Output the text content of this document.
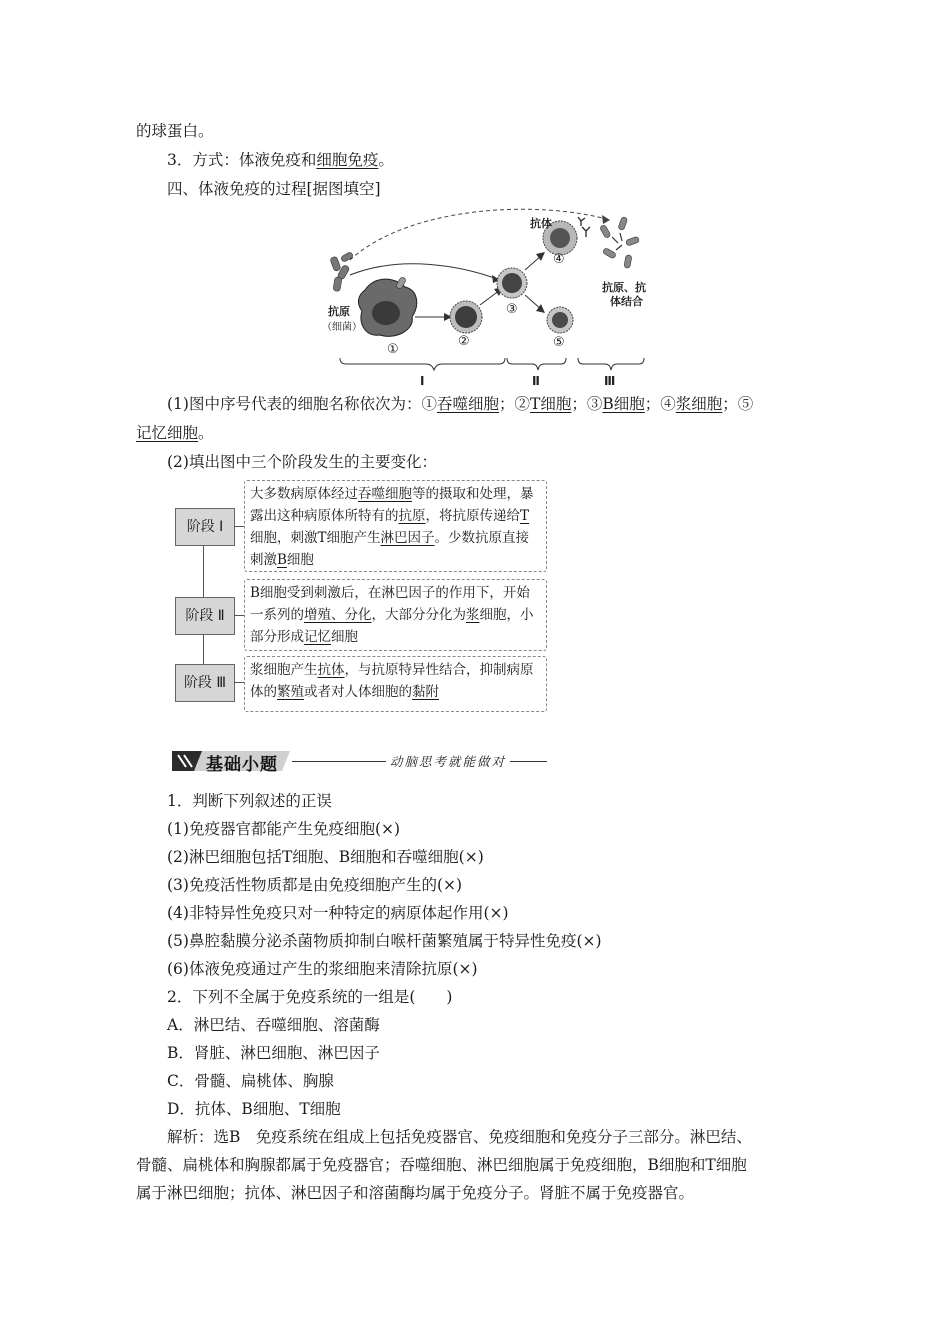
的球蛋白。
3．方式：体液免疫和细胞免疫。
四、体液免疫的过程[据图填空]
抗原
（细菌）
抗体
抗原、抗
体结合
①
②
③
④
⑤
Ⅰ	Ⅱ	Ⅲ
(1)图中序号代表的细胞名称依次为：①吞噬细胞；②T细胞；③B细胞；④浆细胞；⑤
记忆细胞。
(2)填出图中三个阶段发生的主要变化：
阶段 Ⅰ
阶段 Ⅱ
阶段 Ⅲ
大多数病原体经过吞噬细胞等的摄取和处理，暴露出这种病原体所特有的抗原，将抗原传递给T细胞，刺激T细胞产生淋巴因子。少数抗原直接刺激B细胞
B细胞受到刺激后，在淋巴因子的作用下，开始一系列的增殖、分化，大部分分化为浆细胞，小部分形成记忆细胞
浆细胞产生抗体，与抗原特异性结合，抑制病原体的繁殖或者对人体细胞的黏附
基础小题	动脑思考就能做对
1．判断下列叙述的正误
(1)免疫器官都能产生免疫细胞(×)
(2)淋巴细胞包括T细胞、B细胞和吞噬细胞(×)
(3)免疫活性物质都是由免疫细胞产生的(×)
(4)非特异性免疫只对一种特定的病原体起作用(×)
(5)鼻腔黏膜分泌杀菌物质抑制白喉杆菌繁殖属于特异性免疫(×)
(6)体液免疫通过产生的浆细胞来清除抗原(×)
2．下列不全属于免疫系统的一组是(　　)
A．淋巴结、吞噬细胞、溶菌酶
B．肾脏、淋巴细胞、淋巴因子
C．骨髓、扁桃体、胸腺
D．抗体、B细胞、T细胞
解析：选B　免疫系统在组成上包括免疫器官、免疫细胞和免疫分子三部分。淋巴结、
骨髓、扁桃体和胸腺都属于免疫器官；吞噬细胞、淋巴细胞属于免疫细胞，B细胞和T细胞
属于淋巴细胞；抗体、淋巴因子和溶菌酶均属于免疫分子。肾脏不属于免疫器官。
